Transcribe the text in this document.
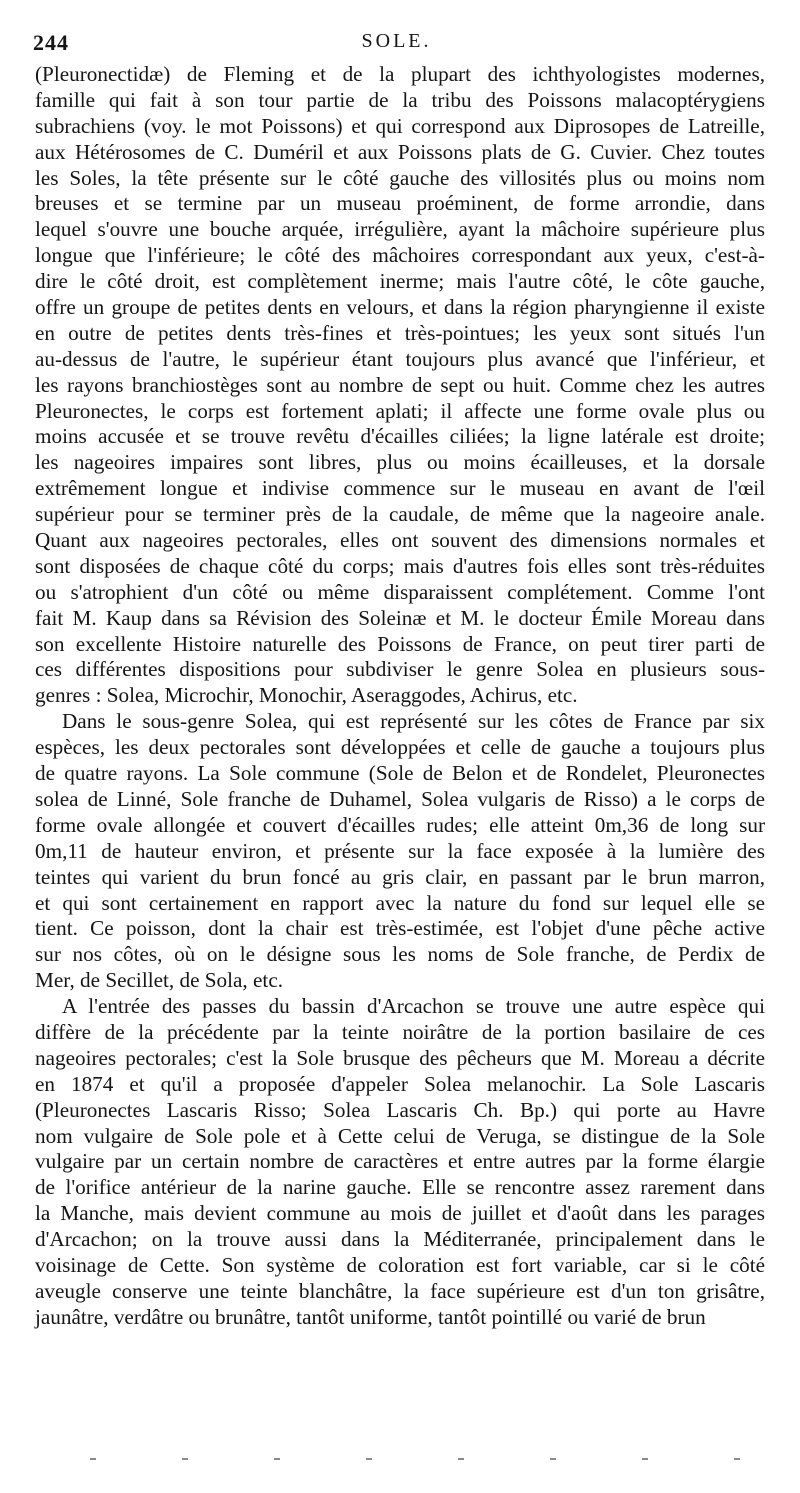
244	SOLE.
(Pleuronectidæ) de Fleming et de la plupart des ichthyologistes modernes,
famille qui fait à son tour partie de la tribu des Poissons malacoptérygiens
subrachiens (voy. le mot Poissons) et qui correspond aux Diprosopes de Latreille,
aux Hétérosomes de C. Duméril et aux Poissons plats de G. Cuvier. Chez toutes
les Soles, la tête présente sur le côté gauche des villosités plus ou moins nom
breuses et se termine par un museau proéminent, de forme arrondie, dans
lequel s'ouvre une bouche arquée, irrégulière, ayant la mâchoire supérieure plus
longue que l'inférieure; le côté des mâchoires correspondant aux yeux, c'est-à-
dire le côté droit, est complètement inerme; mais l'autre côté, le côte gauche,
offre un groupe de petites dents en velours, et dans la région pharyngienne il existe
en outre de petites dents très-fines et très-pointues; les yeux sont situés l'un
au-dessus de l'autre, le supérieur étant toujours plus avancé que l'inférieur, et
les rayons branchiostèges sont au nombre de sept ou huit. Comme chez les autres
Pleuronectes, le corps est fortement aplati; il affecte une forme ovale plus ou
moins accusée et se trouve revêtu d'écailles ciliées; la ligne latérale est droite;
les nageoires impaires sont libres, plus ou moins écailleuses, et la dorsale
extrêmement longue et indivise commence sur le museau en avant de l'œil
supérieur pour se terminer près de la caudale, de même que la nageoire anale.
Quant aux nageoires pectorales, elles ont souvent des dimensions normales et
sont disposées de chaque côté du corps; mais d'autres fois elles sont très-réduites
ou s'atrophient d'un côté ou même disparaissent complétement. Comme l'ont
fait M. Kaup dans sa Révision des Soleinæ et M. le docteur Émile Moreau dans
son excellente Histoire naturelle des Poissons de France, on peut tirer parti de
ces différentes dispositions pour subdiviser le genre Solea en plusieurs sous-
genres : Solea, Microchir, Monochir, Aseraggodes, Achirus, etc.
Dans le sous-genre Solea, qui est représenté sur les côtes de France par six
espèces, les deux pectorales sont développées et celle de gauche a toujours plus
de quatre rayons. La Sole commune (Sole de Belon et de Rondelet, Pleuronectes
solea de Linné, Sole franche de Duhamel, Solea vulgaris de Risso) a le corps de
forme ovale allongée et couvert d'écailles rudes; elle atteint 0m,36 de long sur
0m,11 de hauteur environ, et présente sur la face exposée à la lumière des
teintes qui varient du brun foncé au gris clair, en passant par le brun marron,
et qui sont certainement en rapport avec la nature du fond sur lequel elle se
tient. Ce poisson, dont la chair est très-estimée, est l'objet d'une pêche active
sur nos côtes, où on le désigne sous les noms de Sole franche, de Perdix de
Mer, de Secillet, de Sola, etc.
A l'entrée des passes du bassin d'Arcachon se trouve une autre espèce qui
diffère de la précédente par la teinte noirâtre de la portion basilaire de ces
nageoires pectorales; c'est la Sole brusque des pêcheurs que M. Moreau a décrite
en 1874 et qu'il a proposée d'appeler Solea melanochir. La Sole Lascaris
(Pleuronectes Lascaris Risso; Solea Lascaris Ch. Bp.) qui porte au Havre
nom vulgaire de Sole pole et à Cette celui de Veruga, se distingue de la Sole
vulgaire par un certain nombre de caractères et entre autres par la forme élargie
de l'orifice antérieur de la narine gauche. Elle se rencontre assez rarement dans
la Manche, mais devient commune au mois de juillet et d'août dans les parages
d'Arcachon; on la trouve aussi dans la Méditerranée, principalement dans le
voisinage de Cette. Son système de coloration est fort variable, car si le côté
aveugle conserve une teinte blanchâtre, la face supérieure est d'un ton grisâtre,
jaunâtre, verdâtre ou brunâtre, tantôt uniforme, tantôt pointillé ou varié de brun
